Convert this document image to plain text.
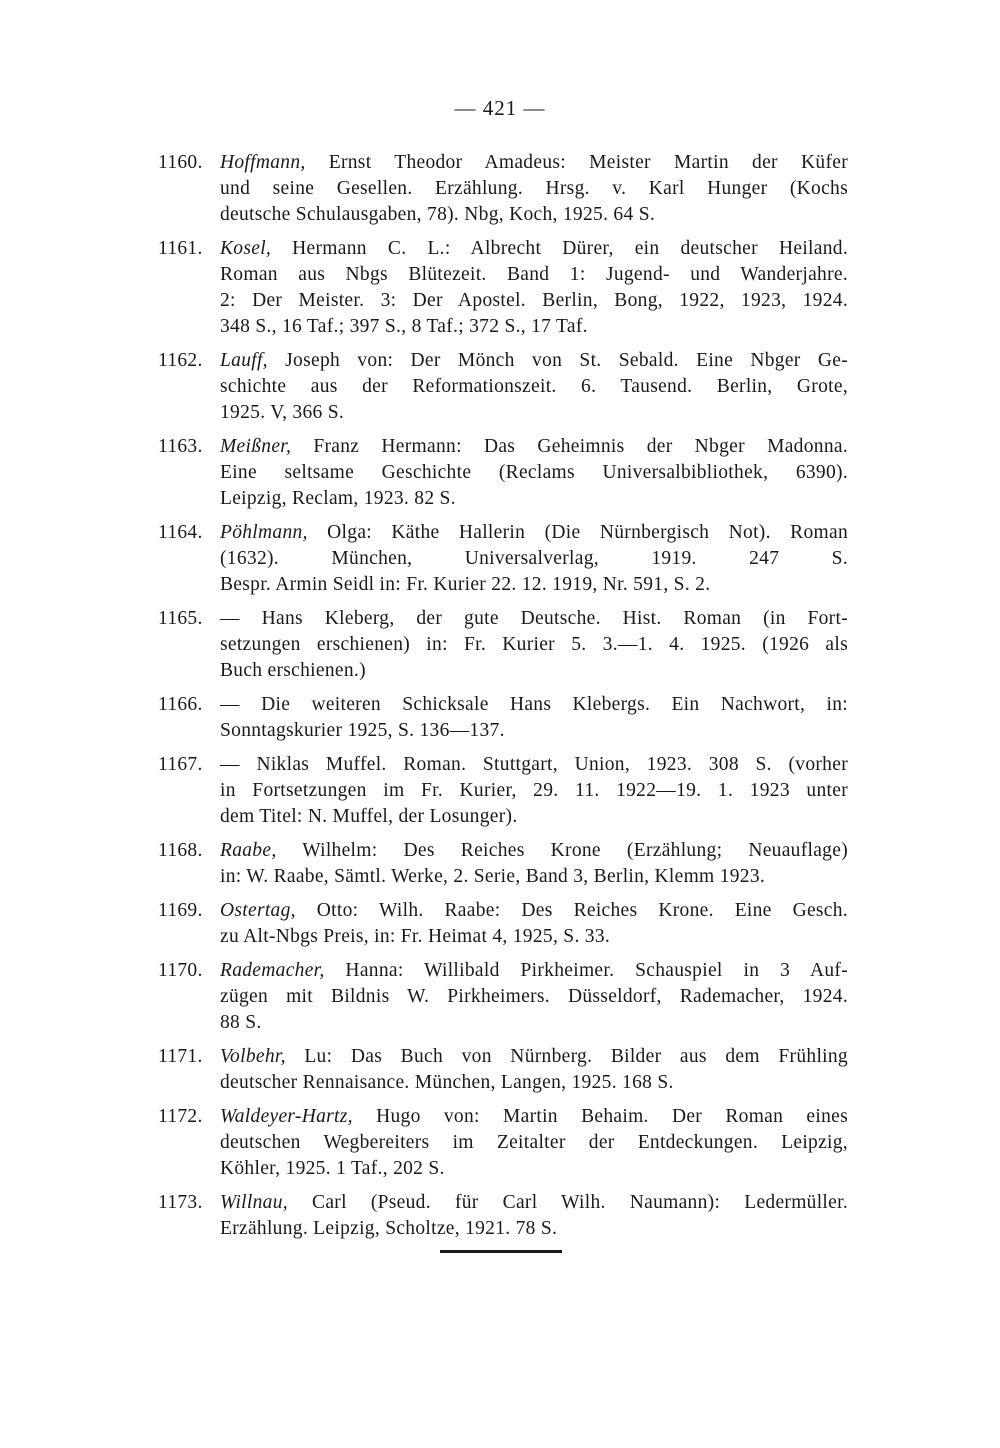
— 421 —
1160. Hoffmann, Ernst Theodor Amadeus: Meister Martin der Küfer
und seine Gesellen. Erzählung. Hrsg. v. Karl Hunger (Kochs
deutsche Schulausgaben, 78). Nbg, Koch, 1925. 64 S.
1161. Kosel, Hermann C. L.: Albrecht Dürer, ein deutscher Heiland.
Roman aus Nbgs Blütezeit. Band 1: Jugend- und Wanderjahre.
2: Der Meister. 3: Der Apostel. Berlin, Bong, 1922, 1923, 1924.
348 S., 16 Taf.; 397 S., 8 Taf.; 372 S., 17 Taf.
1162. Lauff, Joseph von: Der Mönch von St. Sebald. Eine Nbger Ge-
schichte aus der Reformationszeit. 6. Tausend. Berlin, Grote,
1925. V, 366 S.
1163. Meißner, Franz Hermann: Das Geheimnis der Nbger Madonna.
Eine seltsame Geschichte (Reclams Universalbibliothek, 6390).
Leipzig, Reclam, 1923. 82 S.
1164. Pöhlmann, Olga: Käthe Hallerin (Die Nürnbergisch Not). Roman
(1632). München, Universalverlag, 1919. 247 S.
Bespr. Armin Seidl in: Fr. Kurier 22. 12. 1919, Nr. 591, S. 2.
1165. — Hans Kleberg, der gute Deutsche. Hist. Roman (in Fort-
setzungen erschienen) in: Fr. Kurier 5. 3.—1. 4. 1925. (1926 als
Buch erschienen.)
1166. — Die weiteren Schicksale Hans Klebergs. Ein Nachwort, in:
Sonntagskurier 1925, S. 136—137.
1167. — Niklas Muffel. Roman. Stuttgart, Union, 1923. 308 S. (vorher
in Fortsetzungen im Fr. Kurier, 29. 11. 1922—19. 1. 1923 unter
dem Titel: N. Muffel, der Losunger).
1168. Raabe, Wilhelm: Des Reiches Krone (Erzählung; Neuauflage)
in: W. Raabe, Sämtl. Werke, 2. Serie, Band 3, Berlin, Klemm 1923.
1169. Ostertag, Otto: Wilh. Raabe: Des Reiches Krone. Eine Gesch.
zu Alt-Nbgs Preis, in: Fr. Heimat 4, 1925, S. 33.
1170. Rademacher, Hanna: Willibald Pirkheimer. Schauspiel in 3 Auf-
zügen mit Bildnis W. Pirkheimers. Düsseldorf, Rademacher, 1924.
88 S.
1171. Volbehr, Lu: Das Buch von Nürnberg. Bilder aus dem Frühling
deutscher Rennaisance. München, Langen, 1925. 168 S.
1172. Waldeyer-Hartz, Hugo von: Martin Behaim. Der Roman eines
deutschen Wegbereiters im Zeitalter der Entdeckungen. Leipzig,
Köhler, 1925. 1 Taf., 202 S.
1173. Willnau, Carl (Pseud. für Carl Wilh. Naumann): Ledermüller.
Erzählung. Leipzig, Scholtze, 1921. 78 S.
